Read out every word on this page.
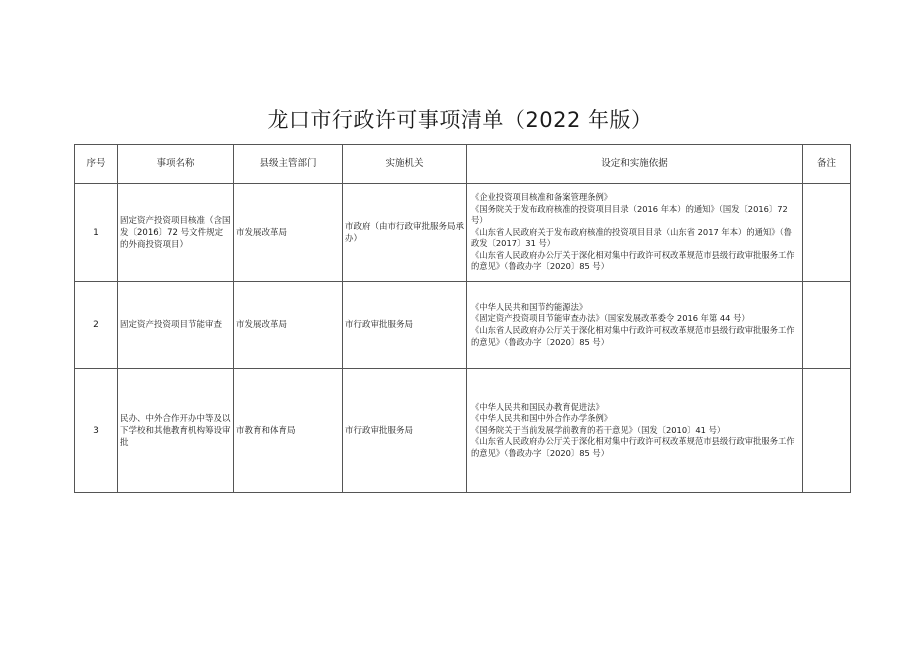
龙口市行政许可事项清单（2022 年版）
序号	事项名称	县级主管部门	实施机关	设定和实施依据	备注
1	固定资产投资项目核准（含国发〔2016〕72 号文件规定的外商投资项目）	市发展改革局	市政府（由市行政审批服务局承办）	《企业投资项目核准和备案管理条例》
《国务院关于发布政府核准的投资项目目录（2016 年本）的通知》（国发〔2016〕72 号）
《山东省人民政府关于发布政府核准的投资项目目录（山东省 2017 年本）的通知》（鲁政发〔2017〕31 号）
《山东省人民政府办公厅关于深化相对集中行政许可权改革规范市县级行政审批服务工作的意见》（鲁政办字〔2020〕85 号）	

2	固定资产投资项目节能审查	市发展改革局	市行政审批服务局	《中华人民共和国节约能源法》
《固定资产投资项目节能审查办法》（国家发展改革委令 2016 年第 44 号）
《山东省人民政府办公厅关于深化相对集中行政许可权改革规范市县级行政审批服务工作的意见》（鲁政办字〔2020〕85 号）	

3	民办、中外合作开办中等及以下学校和其他教育机构筹设审批	市教育和体育局	市行政审批服务局	《中华人民共和国民办教育促进法》
《中华人民共和国中外合作办学条例》
《国务院关于当前发展学前教育的若干意见》（国发〔2010〕41 号）
《山东省人民政府办公厅关于深化相对集中行政许可权改革规范市县级行政审批服务工作的意见》（鲁政办字〔2020〕85 号）	
